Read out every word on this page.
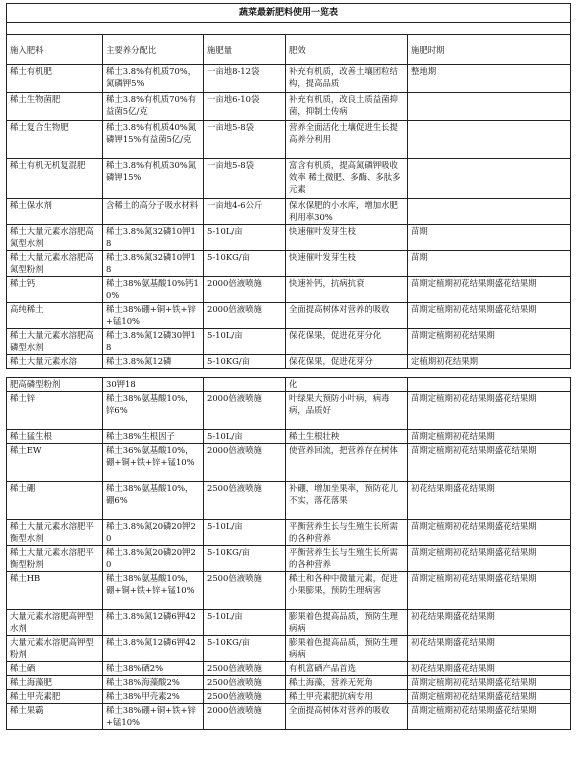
蔬菜最新肥料使用一览表				

施入肥料	主要养分配比	施肥量	肥效	施肥时期
稀土有机肥	稀土3.8%有机质70%，氮磷钾5%	一亩地8-12袋	补充有机质，改善土壤团粒结构，提高品质	整地期
稀土生物菌肥	稀土3.8%有机质70%有益菌5亿/克	一亩地6-10袋	补充有机质，改良土质益菌抑菌，抑制土传病	
稀土复合生物肥	稀土3.8%有机质40%氮磷钾15%有益菌5亿/克	一亩地5-8袋	营养全面活化土壤促进生长提高养分利用	
稀土有机无机复混肥	稀土3.8%有机质30%氮磷钾15%	一亩地5-8袋	富含有机质，提高氮磷钾吸收效率 稀土微肥、多酶、多肽多元素	
稀土保水剂	含稀土的高分子吸水材料	一亩地4-6公斤	保水保肥的小水库，增加水肥利用率30%	
稀土大量元素水溶肥高氮型水剂	稀土3.8%氮32磷10钾18	5-10L/亩	快速催叶发芽生枝	苗期
稀土大量元素水溶肥高氮型粉剂	稀土3.8%氮32磷10钾18	5-10KG/亩	快速催叶发芽生枝	苗期
稀土钙	稀土38%氨基酸10%钙10%	2000倍液喷施	快速补钙，抗病抗衰	苗期定植期初花结果期盛花结果期
高纯稀土	稀土38%硼+铜+铁+锌+锰10%	2000倍液喷施	全面提高树体对营养的吸收	苗期定植期初花结果期盛花结果期
稀土大量元素水溶肥高磷型水剂	稀土3.8%氮12磷30钾18	5-10L/亩	保花保果，促进花芽分化	苗期定植期初花结果期
稀土大量元素水溶	稀土3.8%氮12磷	5-10KG/亩	保花保果，促进花芽分	定植期初花结果期
肥高磷型粉剂	30钾18		化	
稀土锌	稀土38%氨基酸10%，锌6%	2000倍液喷施	叶绿果大预防小叶病，病毒病，品质好	苗期定植期初花结果期盛花结果期
稀土猛生根	稀土38%生根因子	5-10L/亩	稀土生根壮秧	苗期定植期初花结果期
稀土EW	稀土36%氨基酸10%，硼+铜+铁+锌+锰10%	2000倍液喷施	使营养回流，把营养存在树体	苗期定植期初花结果期盛花结果期
稀土硼	稀土38%氨基酸10%，硼6%	2500倍液喷施	补硼，增加坐果率，预防花儿不实，落花落果	初花结果期盛花结果期
稀土大量元素水溶肥平衡型水剂	稀土3.8%氮20磷20钾20	5-10L/亩	平衡营养生长与生殖生长所需的各种营养	苗期定植期初花结果期盛花结果期
稀土大量元素水溶肥平衡型粉剂	稀土3.8%氮20磷20钾20	5-10KG/亩	平衡营养生长与生殖生长所需的各种营养	苗期定植期初花结果期盛花结果期
稀土HB	稀土38%氨基酸10%，硼+铜+铁+锌+锰10%	2500倍液喷施	稀土和各种中微量元素，促进小果膨果，预防生理病害	苗期定植期初花结果期盛花结果期
大量元素水溶肥高钾型水剂	稀土3.8%氮12磷6钾42	5-10L/亩	膨果着色提高品质，预防生理病病	初花结果期盛花结果期
大量元素水溶肥高钾型粉剂	稀土3.8%氮12磷6钾42	5-10KG/亩	膨果着色提高品质，预防生理病病	初花结果期盛花结果期
稀土硒	稀土38%硒2%	2500倍液喷施	有机富硒产品首选	初花结果期盛花结果期
稀土海藻肥	稀土38%海藻酸2%	2500倍液喷施	稀土海藻，营养无死角	苗期定植期初花结果期盛花结果期
稀土甲壳素肥	稀土38%甲壳素2%	2500倍液喷施	稀土甲壳素肥抗病专用	苗期定植期初花结果期盛花结果期
稀土果霸	稀土38%硼+铜+铁+锌+锰10%	2000倍液喷施	全面提高树体对营养的吸收	苗期定植期初花结果期盛花结果期
